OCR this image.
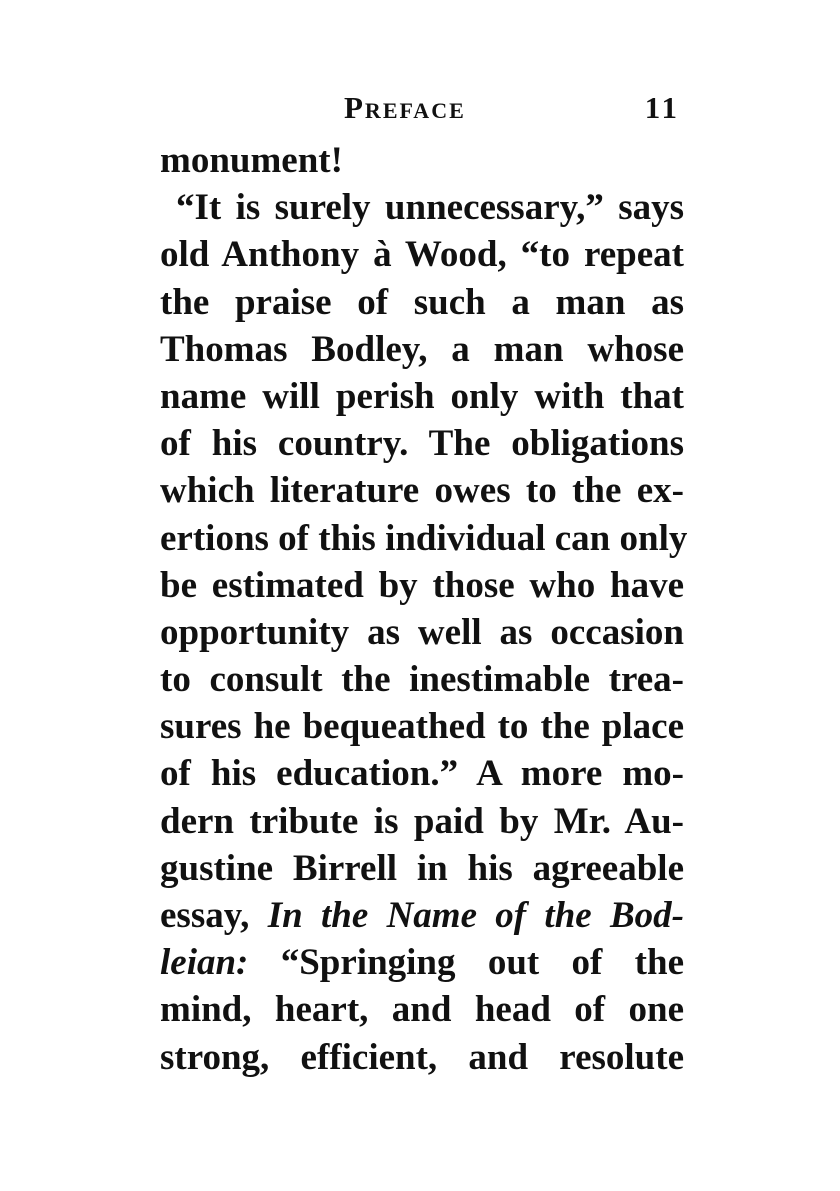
Preface	11
monument!
“It is surely unnecessary,” says
old Anthony à Wood, “to repeat
the praise of such a man as
Thomas Bodley, a man whose
name will perish only with that
of his country. The obligations
which literature owes to the ex-
ertions of this individual can only
be estimated by those who have
opportunity as well as occasion
to consult the inestimable trea-
sures he bequeathed to the place
of his education.” A more mo-
dern tribute is paid by Mr. Au-
gustine Birrell in his agreeable
essay, In the Name of the Bod-
leian: “Springing out of the
mind, heart, and head of one
strong, efficient, and resolute
